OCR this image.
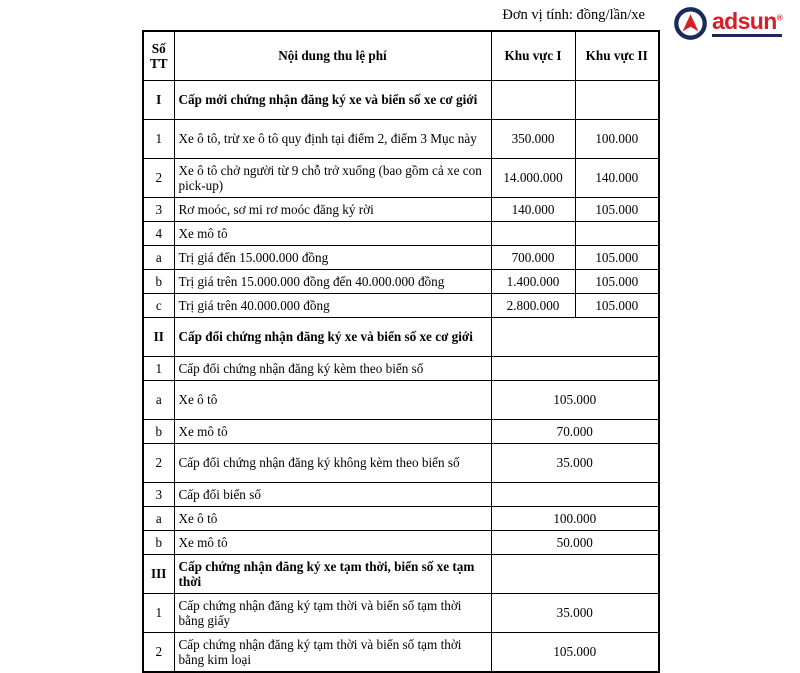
Đơn vị tính: đồng/lần/xe	adsun®
Số
TT	Nội dung thu lệ phí	Khu vực I	Khu vực II
I	Cấp mới chứng nhận đăng ký xe và biển số xe cơ giới		
1	Xe ô tô, trừ xe ô tô quy định tại điểm 2, điểm 3 Mục này	350.000	100.000
2	Xe ô tô chở người từ 9 chỗ trở xuống (bao gồm cả xe con pick-up)	14.000.000	140.000
3	Rơ moóc, sơ mi rơ moóc đăng ký rời	140.000	105.000
4	Xe mô tô		
a	Trị giá đến 15.000.000 đồng	700.000	105.000
b	Trị giá trên 15.000.000 đồng đến 40.000.000 đồng	1.400.000	105.000
c	Trị giá trên 40.000.000 đồng	2.800.000	105.000
II	Cấp đổi chứng nhận đăng ký xe và biển số xe cơ giới		
1	Cấp đổi chứng nhận đăng ký kèm theo biển số		
a	Xe ô tô	105.000	
b	Xe mô tô	70.000	
2	Cấp đổi chứng nhận đăng ký không kèm theo biển số	35.000	
3	Cấp đổi biển số		
a	Xe ô tô	100.000	
b	Xe mô tô	50.000	
III	Cấp chứng nhận đăng ký xe tạm thời, biển số xe tạm thời		
1	Cấp chứng nhận đăng ký tạm thời và biển số tạm thời bằng giấy	35.000	
2	Cấp chứng nhận đăng ký tạm thời và biển số tạm thời bằng kim loại	105.000	
